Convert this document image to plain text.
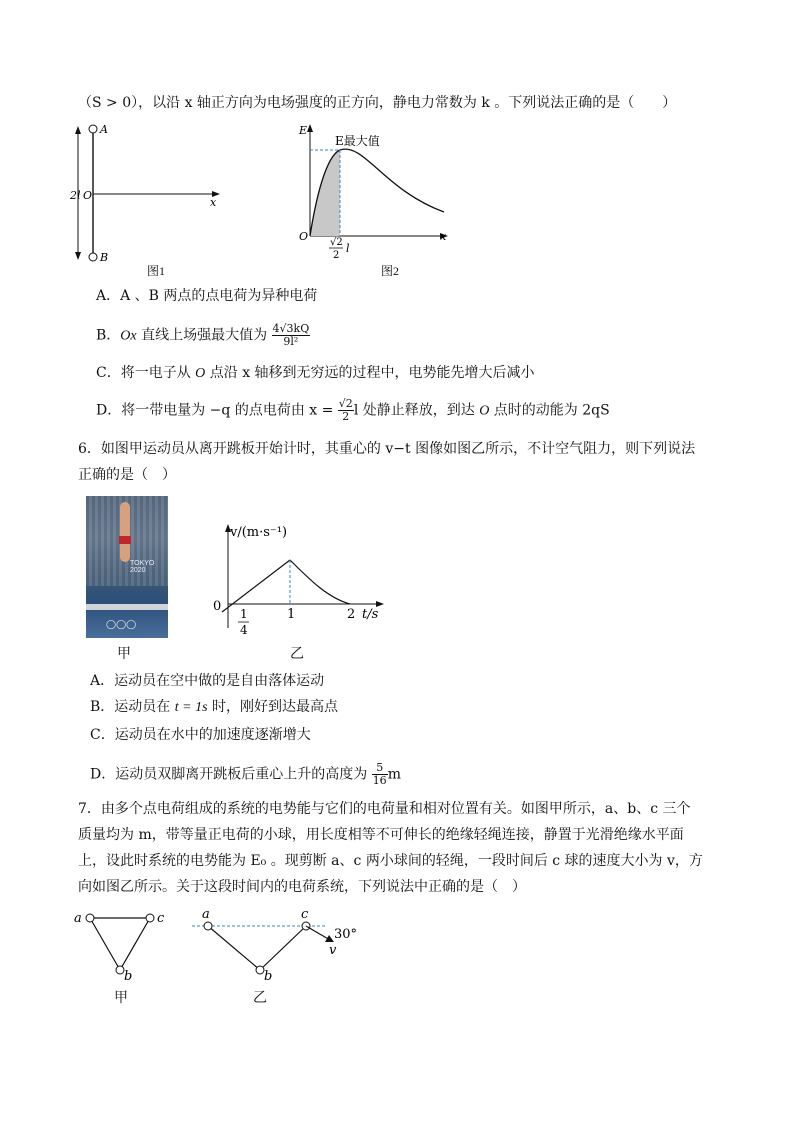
（S > 0），以沿 x 轴正方向为电场强度的正方向，静电力常数为 k 。下列说法正确的是（　　）
A
B
O
2l
x
图1
E
E最大值
O	x
√2
2
l
图2
A．A 、B 两点的点电荷为异种电荷
B．Ox 直线上场强最大值为 $\frac{4√3kQ}{\text{9l²}}$
C．将一电子从 O 点沿 x 轴移到无穷远的过程中，电势能先增大后减小
D．将一带电量为 −q 的点电荷由 $x = \frac{√2}{2}$ l 处静止释放，到达 O 点时的动能为 2qS
6．如图甲运动员从离开跳板开始计时，其重心的 v−t 图像如图乙所示，不计空气阻力，则下列说法
正确的是（　）
TOKYO 2020
◯◯◯
甲
v/(m·s⁻¹)
0
1	2 t/s
1
4
乙
A．运动员在空中做的是自由落体运动
B．运动员在 t = 1s 时，刚好到达最高点
C．运动员在水中的加速度逐渐增大
D．运动员双脚离开跳板后重心上升的高度为 $\frac{5}{16}$ m
7．由多个点电荷组成的系统的电势能与它们的电荷量和相对位置有关。如图甲所示，a、b、c 三个
质量均为 m，带等量正电荷的小球，用长度相等不可伸长的绝缘轻绳连接，静置于光滑绝缘水平面
上，设此时系统的电势能为 E₀ 。现剪断 a、c 两小球间的轻绳，一段时间后 c 球的速度大小为 v，方
向如图乙所示。关于这段时间内的电荷系统，下列说法中正确的是（　）
a	c
b
甲
a	c
b
30°
v
乙
